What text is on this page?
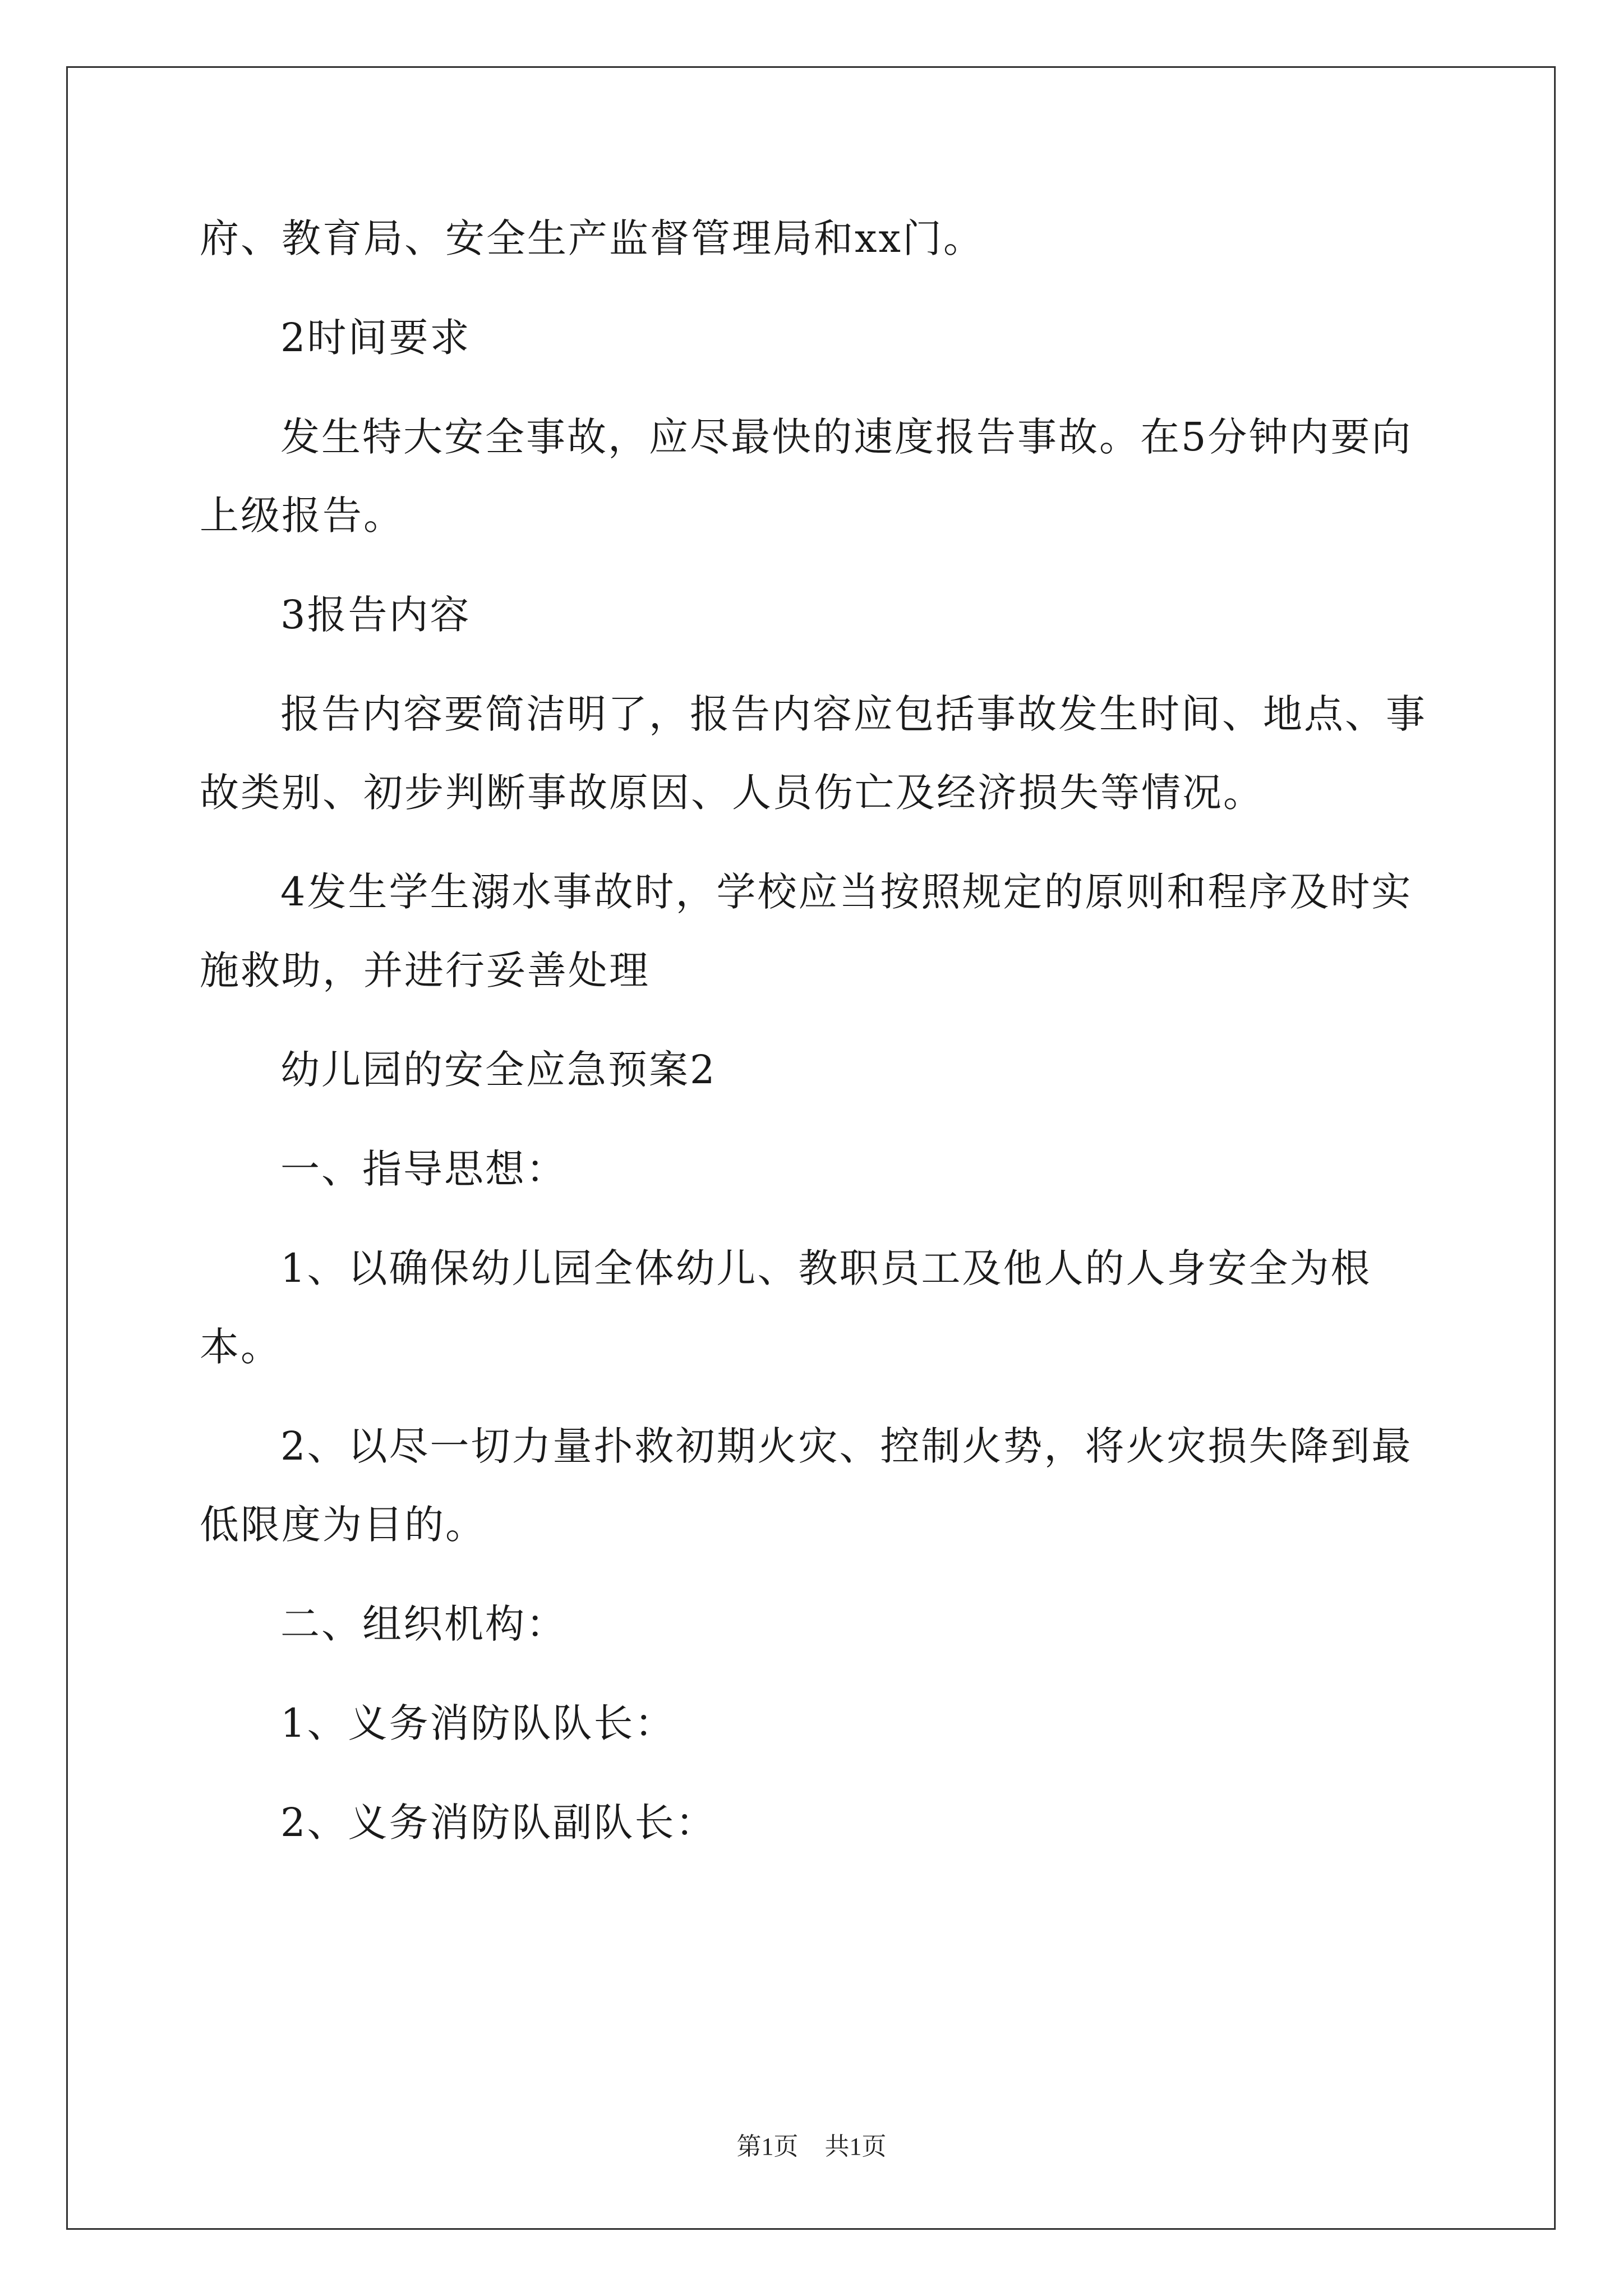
府、教育局、安全生产监督管理局和xx门。

2时间要求

发生特大安全事故，应尽最快的速度报告事故。在5分钟内要向上级报告。

3报告内容

报告内容要简洁明了，报告内容应包括事故发生时间、地点、事故类别、初步判断事故原因、人员伤亡及经济损失等情况。

4发生学生溺水事故时，学校应当按照规定的原则和程序及时实施救助，并进行妥善处理

幼儿园的安全应急预案2

一、指导思想：

1、以确保幼儿园全体幼儿、教职员工及他人的人身安全为根本。

2、以尽一切力量扑救初期火灾、控制火势，将火灾损失降到最低限度为目的。

二、组织机构：

1、义务消防队队长：

2、义务消防队副队长：

第1页 共1页
